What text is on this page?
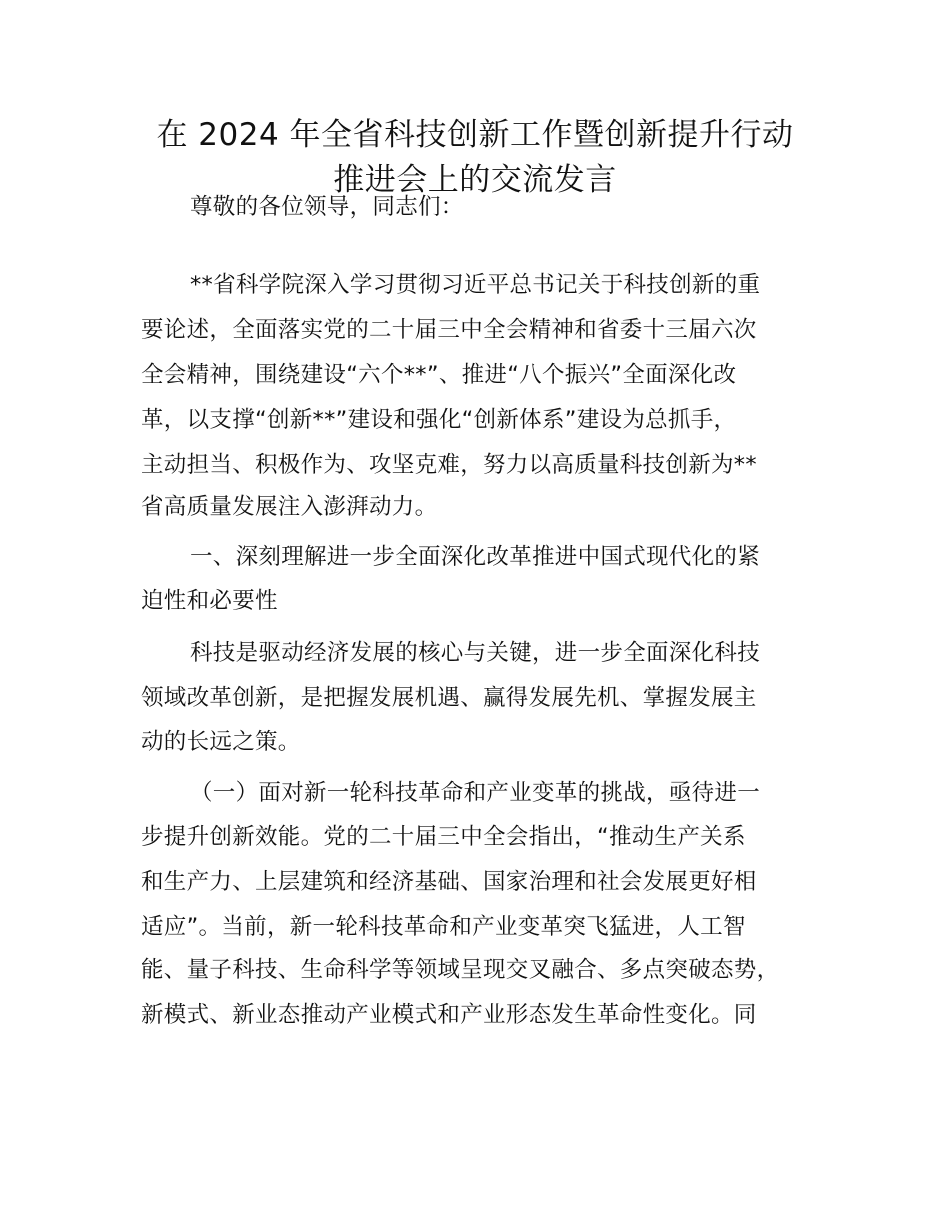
在 2024 年全省科技创新工作暨创新提升行动
推进会上的交流发言
尊敬的各位领导，同志们：
**省科学院深入学习贯彻习近平总书记关于科技创新的重
要论述，全面落实党的二十届三中全会精神和省委十三届六次
全会精神，围绕建设“六个**”、推进“八个振兴”全面深化改
革，以支撑“创新**”建设和强化“创新体系”建设为总抓手，
主动担当、积极作为、攻坚克难，努力以高质量科技创新为**
省高质量发展注入澎湃动力。
一、深刻理解进一步全面深化改革推进中国式现代化的紧
迫性和必要性
科技是驱动经济发展的核心与关键，进一步全面深化科技
领域改革创新，是把握发展机遇、赢得发展先机、掌握发展主
动的长远之策。
（一）面对新一轮科技革命和产业变革的挑战，亟待进一
步提升创新效能。党的二十届三中全会指出，“推动生产关系
和生产力、上层建筑和经济基础、国家治理和社会发展更好相
适应”。当前，新一轮科技革命和产业变革突飞猛进，人工智
能、量子科技、生命科学等领域呈现交叉融合、多点突破态势，
新模式、新业态推动产业模式和产业形态发生革命性变化。同
